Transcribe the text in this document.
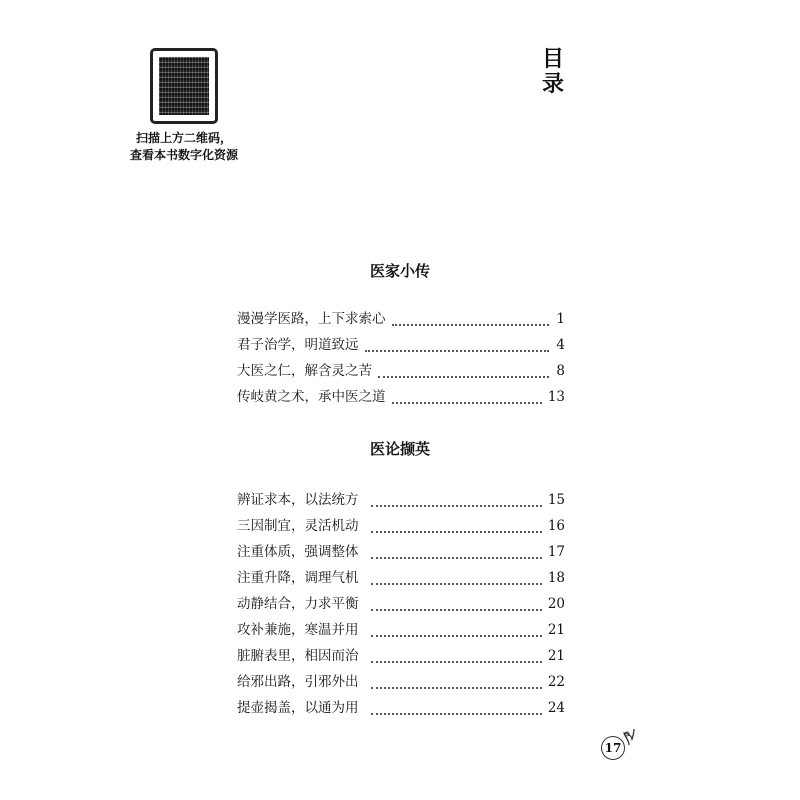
扫描上方二维码，
查看本书数字化资源
目录
医家小传
漫漫学医路，上下求索心	1
君子治学，明道致远	4
大医之仁，解含灵之苦	8
传岐黄之术，承中医之道	13
医论撷英
辨证求本，以法统方	15
三因制宜，灵活机动	16
注重体质，强调整体	17
注重升降，调理气机	18
动静结合，力求平衡	20
攻补兼施，寒温并用	21
脏腑表里，相因而治	21
给邪出路，引邪外出	22
提壶揭盖，以通为用	24
17
